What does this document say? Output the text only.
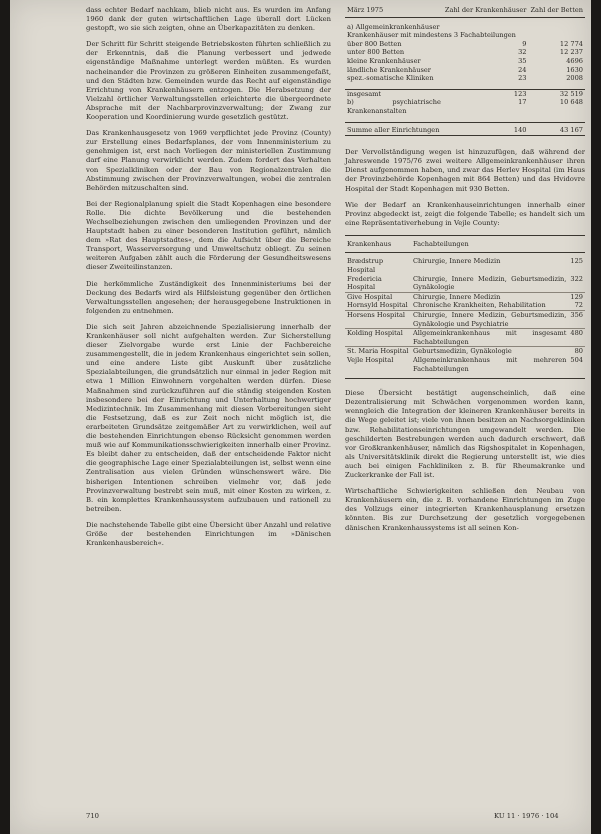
dass echter Bedarf nachkam, blieb nicht aus. Es wurden im Anfang 1960 dank der guten wirtschaftlichen Lage überall dort Lücken gestopft, wo sie sich zeigten, ohne an Überkapazitäten zu denken.

Der Schritt für Schritt steigende Betriebskosten führten schließlich zu der Erkenntnis, daß die Planung verbessert und jedwede eigenständige Maßnahme unterlegt werden müßten. Es wurden nacheinander die Provinzen zu größeren Einheiten zusammengefaßt, und den Städten bzw. Gemeinden wurde das Recht auf eigenständige Errichtung von Krankenhäusern entzogen. Die Herabsetzung der Vielzahl örtlicher Verwaltungsstellen erleichterte die übergeordnete Absprache mit der Nachbarprovinzverwaltung; der Zwang zur Kooperation und Koordinierung wurde gesetzlich gestützt.

Das Krankenhausgesetz von 1969 verpflichtet jede Provinz (County) zur Erstellung eines Bedarfsplanes, der vom Innenministerium zu genehmigen ist, erst nach Vorliegen der ministeriellen Zustimmung darf eine Planung verwirklicht werden. Zudem fordert das Verhalten von Spezialkliniken oder der Bau von Regionalzentralen die Abstimmung zwischen der Provinzverwaltungen, wobei die zentralen Behörden mitzuschalten sind.

Bei der Regionalplanung spielt die Stadt Kopenhagen eine besondere Rolle. Die dichte Bevölkerung und die bestehenden Wechselbeziehungen zwischen den umliegenden Provinzen und der Hauptstadt haben zu einer besonderen Institution geführt, nämlich dem »Rat des Hauptstadtes«, dem die Aufsicht über die Bereiche Transport, Wasserversorgung und Umweltschutz obliegt. Zu seinen weiteren Aufgaben zählt auch die Förderung der Gesundheitswesens dieser Zweiteilinstanzen.

Die herkömmliche Zuständigkeit des Innenministeriums bei der Deckung des Bedarfs wird als Hilfsleistung gegenüber den örtlichen Verwaltungsstellen angesehen; der herausgegebene Instruktionen in folgenden zu entnehmen.

Die sich seit Jahren abzeichnende Spezialisierung innerhalb der Krankenhäuser soll nicht aufgehalten werden. Zur Sicherstellung dieser Zielvorgabe wurde erst Linie der Fachbereiche zusammengestellt, die in jedem Krankenhaus eingerichtet sein sollen, und eine andere Liste gibt Auskunft über zusätzliche Spezialabteilungen, die grundsätzlich nur einmal in jeder Region mit etwa 1 Million Einwohnern vorgehalten werden dürfen. Diese Maßnahmen sind zurückzuführen auf die ständig steigenden Kosten insbesondere bei der Einrichtung und Unterhaltung hochwertiger Medizintechnik. Im Zusammenhang mit diesen Vorbereitungen sieht die Festsetzung, daß es zur Zeit noch nicht möglich ist, die erarbeiteten Grundsätze zeitgemäßer Art zu verwirklichen, weil auf die bestehenden Einrichtungen ebenso Rücksicht genommen werden muß wie auf Kommunikationsschwierigkeiten innerhalb einer Provinz. Es bleibt daher zu entscheiden, daß der entscheidende Faktor nicht die geographische Lage einer Spezialabteilungen ist, selbst wenn eine Zentralisation aus vielen Gründen wünschenswert wäre. Die bisherigen Intentionen schreiben vielmehr vor, daß jede Provinzverwaltung bestrebt sein muß, mit einer Kosten zu wirken, z. B. ein komplettes Krankenhaussystem aufzubauen und rationell zu betreiben.

Die nachstehende Tabelle gibt eine Übersicht über Anzahl und relative Größe der bestehenden Einrichtungen im »Dänischen Krankenhausbereich«.

März 1975	Zahl der Krankenhäuser	Zahl der Betten
a) Allgemeinkrankenhäuser		
Krankenhäuser mit mindestens 3 Fachabteilungen		
über 800 Betten	9	12 774
unter 800 Betten	32	12 237
kleine Krankenhäuser	35	4696
ländliche Krankenhäuser	24	1630
spez.-somatische Kliniken	23	2008

insgesamt	123	32 519
b) psychiatrische Krankenanstalten	17	10 648

Summe aller Einrichtungen	140	43 167

Der Vervollständigung wegen ist hinzuzufügen, daß während der Jahreswende 1975/76 zwei weitere Allgemeinkrankenhäuser ihren Dienst aufgenommen haben, und zwar das Herlev Hospital (im Haus der Provinzbehörde Kopenhagen mit 864 Betten) und das Hvidovre Hospital der Stadt Kopenhagen mit 930 Betten.

Wie der Bedarf an Krankenhauseinrichtungen innerhalb einer Provinz abgedeckt ist, zeigt die folgende Tabelle; es handelt sich um eine Repräsentativerhebung in Vejle County:

Krankenhaus	Fachabteilungen	
Brædstrup Hospital	Chirurgie, Innere Medizin	125
Fredericia Hospital	Chirurgie, Innere Medizin, Geburtsmedizin, Gynäkologie	322
Give Hospital	Chirurgie, Innere Medizin	129
Hornsyld Hospital	Chronische Krankheiten, Rehabilitation	72
Horsens Hospital	Chirurgie, Innere Medizin, Geburtsmedizin, Gynäkologie und Psychiatrie	356
Kolding Hospital	Allgemeinkrankenhaus mit insgesamt Fachabteilungen	480
St. Maria Hospital	Geburtsmedizin, Gynäkologie	80
Vejle Hospital	Allgemeinkrankenhaus mit mehreren Fachabteilungen	504

Diese Übersicht bestätigt augenscheinlich, daß eine Dezentralisierung mit Schwächen vorgenommen worden kann, wenngleich die Integration der kleineren Krankenhäuser bereits in die Wege geleitet ist; viele von ihnen besitzen an Nachsorgekliniken bzw. Rehabilitationseinrichtungen umgewandelt werden. Die geschilderten Bestrebungen werden auch dadurch erschwert, daß vor Großkrankenhäuser, nämlich das Rigshospitalet in Kopenhagen, als Universitätsklinik direkt die Regierung unterstellt ist, wie dies auch bei einigen Fachkliniken z. B. für Rheumakranke und Zuckerkranke der Fall ist.

Wirtschaftliche Schwierigkeiten schließen den Neubau von Krankenhäusern ein, die z. B. vorhandene Einrichtungen im Zuge des Vollzugs einer integrierten Krankenhausplanung ersetzen könnten. Bis zur Durchsetzung der gesetzlich vorgegebenen dänischen Krankenhaussystems ist all seinen Kon-

710	KU 11 · 1976 · 104
